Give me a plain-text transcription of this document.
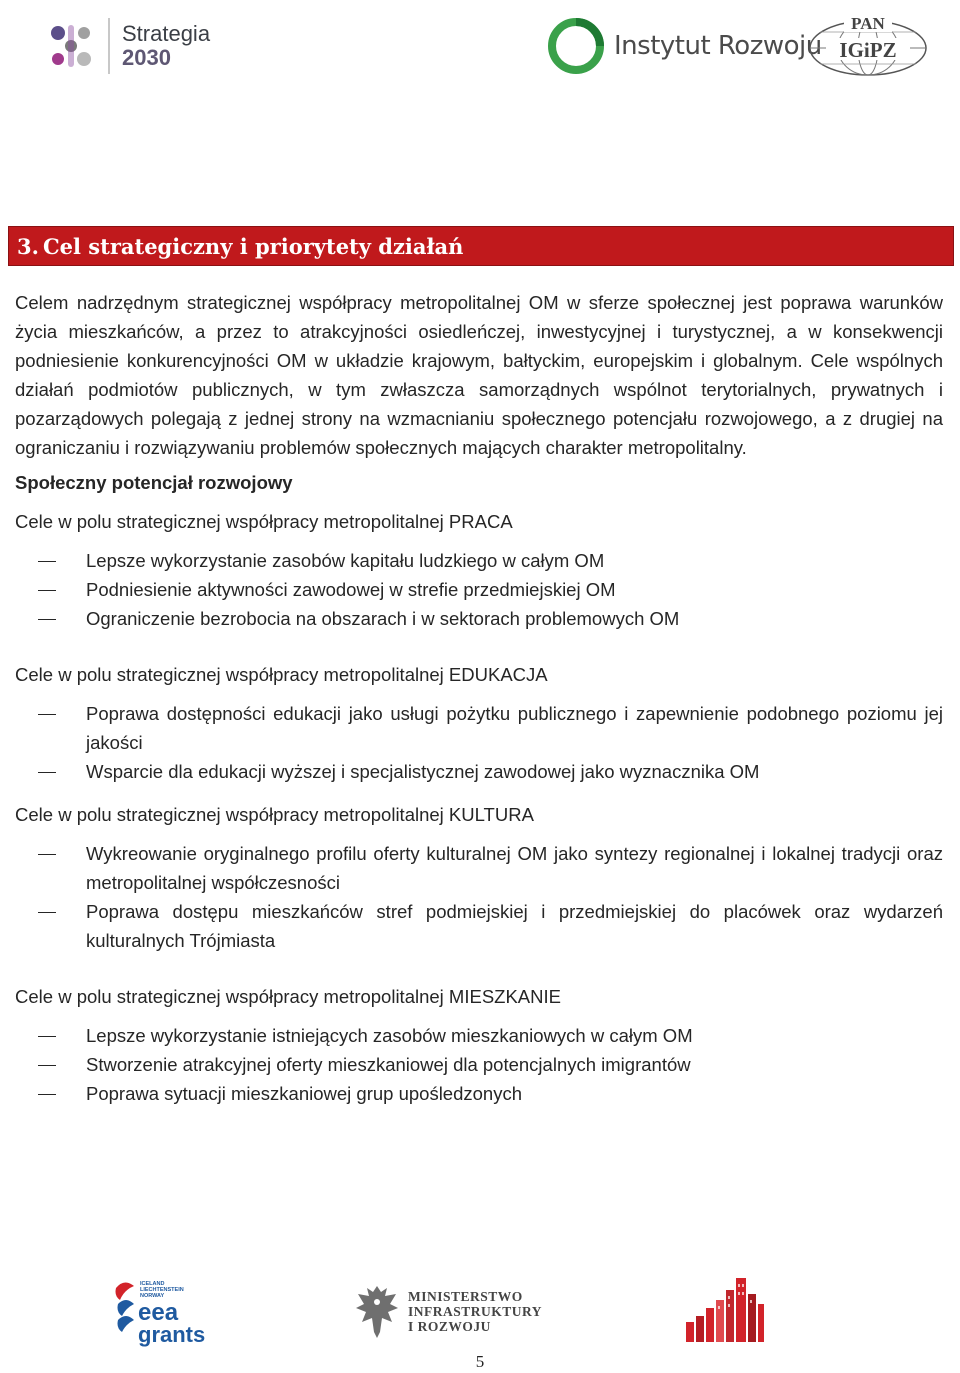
Strategia
2030	Instytut Rozwoju
PAN
IGiPZ
3. Cel strategiczny i priorytety działań

Celem nadrzędnym strategicznej współpracy metropolitalnej OM w sferze społecznej jest poprawa warunków życia mieszkańców, a przez to atrakcyjności osiedleńczej, inwestycyjnej i turystycznej, a w konsekwencji podniesienie konkurencyjności OM w układzie krajowym, bałtyckim, europejskim i globalnym. Cele wspólnych działań podmiotów publicznych, w tym zwłaszcza samorządnych wspólnot terytorialnych, prywatnych i pozarządowych polegają z jednej strony na wzmacnianiu społecznego potencjału rozwojowego, a z drugiej na ograniczaniu i rozwiązywaniu problemów społecznych mających charakter metropolitalny.

Społeczny potencjał rozwojowy

Cele w polu strategicznej współpracy metropolitalnej PRACA

Lepsze wykorzystanie zasobów kapitału ludzkiego w całym OM
Podniesienie aktywności zawodowej w strefie przedmiejskiej OM
Ograniczenie bezrobocia na obszarach i w sektorach problemowych OM

Cele w polu strategicznej współpracy metropolitalnej EDUKACJA

Poprawa dostępności edukacji jako usługi pożytku publicznego i zapewnienie podobnego poziomu jej jakości
Wsparcie dla edukacji wyższej i specjalistycznej zawodowej jako wyznacznika OM

Cele w polu strategicznej współpracy metropolitalnej KULTURA

Wykreowanie oryginalnego profilu oferty kulturalnej OM jako syntezy regionalnej i lokalnej tradycji oraz metropolitalnej współczesności
Poprawa dostępu mieszkańców stref podmiejskiej i przedmiejskiej do placówek oraz wydarzeń kulturalnych Trójmiasta

Cele w polu strategicznej współpracy metropolitalnej MIESZKANIE

Lepsze wykorzystanie istniejących zasobów mieszkaniowych w całym OM
Stworzenie atrakcyjnej oferty mieszkaniowej dla potencjalnych imigrantów
Poprawa sytuacji mieszkaniowej grup upośledzonych
ICELAND
LIECHTENSTEIN
NORWAY
eea
grants
MINISTERSTWO
INFRASTRUKTURY
I ROZWOJU
5
